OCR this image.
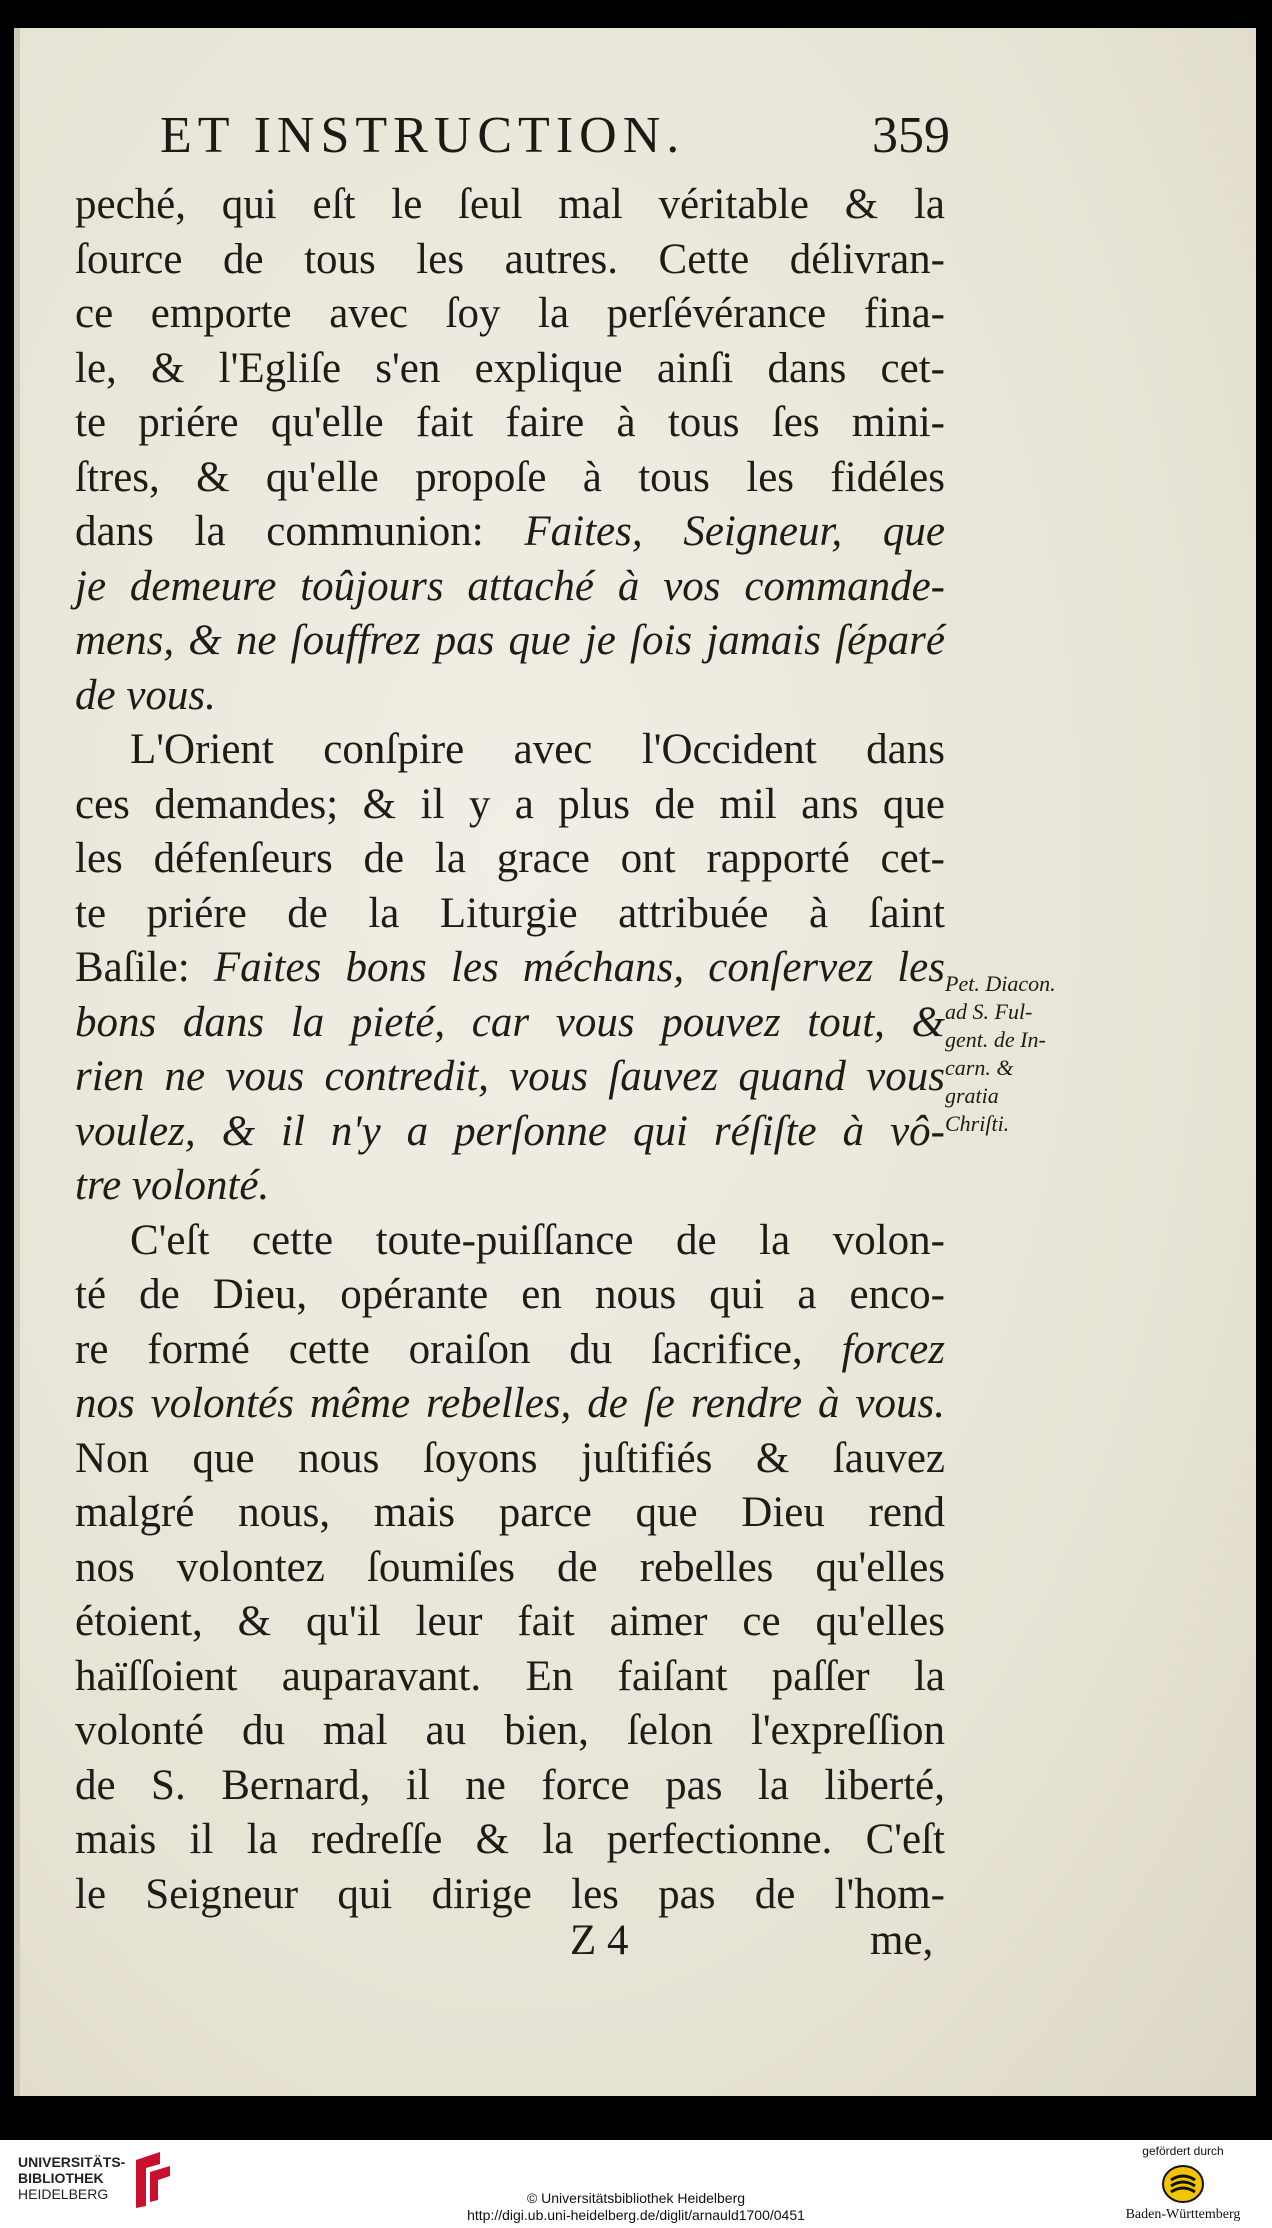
ET INSTRUCTION.	359
peché, qui eſt le ſeul mal véritable & la
ſource de tous les autres. Cette délivran-
ce emporte avec ſoy la perſévérance fina-
le, & l'Egliſe s'en explique ainſi dans cet-
te priére qu'elle fait faire à tous ſes mini-
ſtres, & qu'elle propoſe à tous les fidéles
dans la communion: Faites, Seigneur, que
je demeure toûjours attaché à vos commande-
mens, & ne ſouffrez pas que je ſois jamais ſéparé
de vous.
L'Orient conſpire avec l'Occident dans
ces demandes; & il y a plus de mil ans que
les défenſeurs de la grace ont rapporté cet-
te priére de la Liturgie attribuée à ſaint
Baſile: Faites bons les méchans, conſervez les
bons dans la pieté, car vous pouvez tout, &
rien ne vous contredit, vous ſauvez quand vous
voulez, & il n'y a perſonne qui réſiſte à vô-
tre volonté.
C'eſt cette toute-puiſſance de la volon-
té de Dieu, opérante en nous qui a enco-
re formé cette oraiſon du ſacrifice, forcez
nos volontés même rebelles, de ſe rendre à vous.
Non que nous ſoyons juſtifiés & ſauvez
malgré nous, mais parce que Dieu rend
nos volontez ſoumiſes de rebelles qu'elles
étoient, & qu'il leur fait aimer ce qu'elles
haïſſoient auparavant. En faiſant paſſer la
volonté du mal au bien, ſelon l'expreſſion
de S. Bernard, il ne force pas la liberté,
mais il la redreſſe & la perfectionne. C'eſt
le Seigneur qui dirige les pas de l'hom-
Pet. Diacon.
ad S. Ful-
gent. de In-
carn. &
gratia
Chriſti.
Z 4	me,
UNIVERSITÄTS-
BIBLIOTHEK
HEIDELBERG	© Universitätsbibliothek Heidelberg
http://digi.ub.uni-heidelberg.de/diglit/arnauld1700/0451
gefördert durch
Baden-Württemberg
